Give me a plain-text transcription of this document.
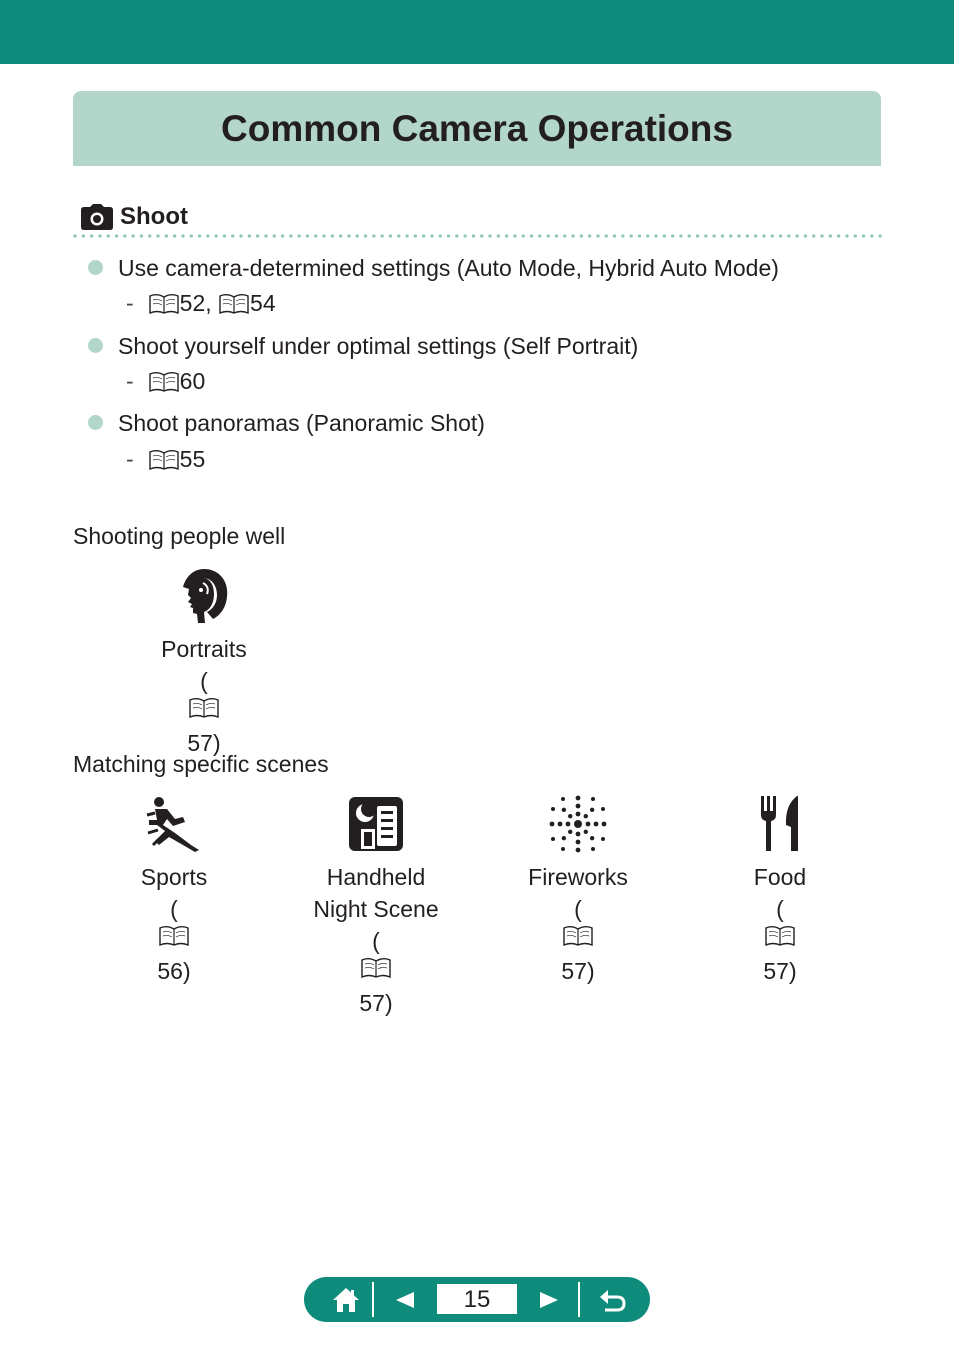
Common Camera Operations
Shoot
Use camera-determined settings (Auto Mode, Hybrid Auto Mode)
- 52 , 54
Shoot yourself under optimal settings (Self Portrait)
- 60
Shoot panoramas (Panoramic Shot)
- 55
Shooting people well
Portraits
(
57)
Matching specific scenes
Sports
(
56)
Handheld
Night Scene
(
57)
Fireworks
(
57)
Food
(
57)
15
